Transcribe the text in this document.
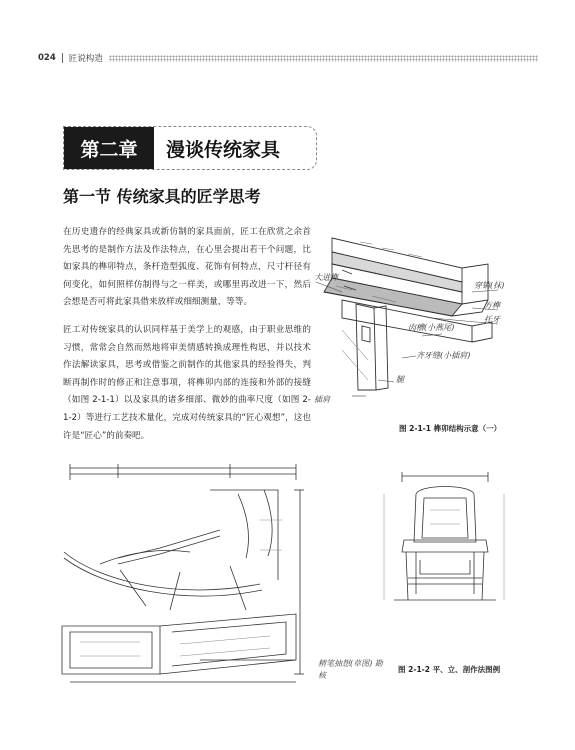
024 匠说构造
第二章	漫谈传统家具
第一节 传统家具的匠学思考

在历史遗存的经典家具或新仿制的家具面前，匠工在欣赏之余首先思考的是制作方法及作法特点，在心里会提出若干个问题，比如家具的榫卯特点，条杆造型弧度、花饰有何特点，尺寸杆径有何变化，如何照样仿制得与之一样美，或哪里再改进一下，然后会想是否可将此家具借来放样或细细测量，等等。

匠工对传统家具的认识同样基于美学上的观感，由于职业思维的习惯，常常会自然而然地将审美情感转换成理性构思，并以技术作法解读家具，思考或借鉴之前制作的其他家具的经验得失，判断再制作时的修正和注意事项，将榫卯内部的连接和外部的接缝（如图 2-1-1）以及家具的诸多细部、微妙的曲率尺度（如图 2-1-2）等进行工艺技术量化，完成对传统家具的“匠心观想”，这也许是“匠心”的前奏吧。

大进榫
穿销(抹)
方榫
托牙
肉槽(小燕尾)
齐牙缝(小插肩)
腿
插肩
图 2-1-1 榫卯结构示意（一）
精笔抽想(草图) 勘核
图 2-1-2 平、立、剖作法图例
